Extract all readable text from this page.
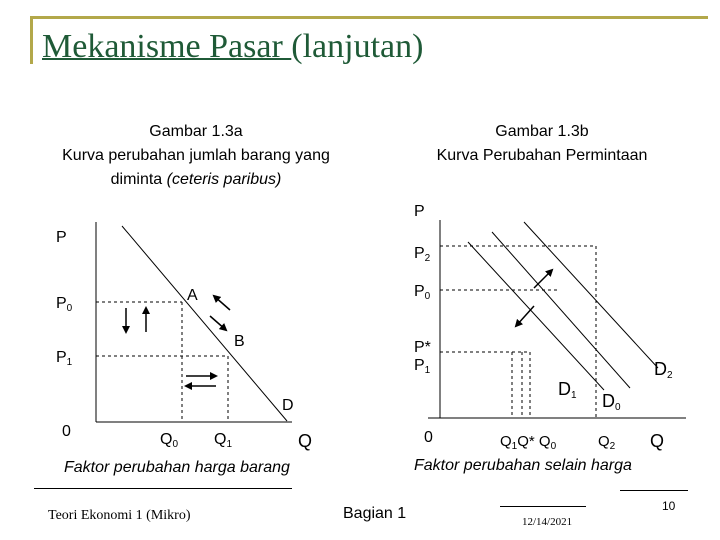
Mekanisme Pasar (lanjutan)
Gambar 1.3a
Kurva perubahan jumlah barang yang
diminta (ceteris paribus)
Gambar 1.3b
Kurva Perubahan Permintaan
P
$P_0$
$P_1$
0	$Q_0$ $Q_1$	Q
A
B
D
Faktor perubahan harga barang
P
$P_2$
$P_0$
P*
$P_1$
0	$Q_1Q*$ $Q_0$	$Q_2$ Q
$D_1$ $D_0$
$D_2$
Faktor perubahan selain harga
Teori Ekonomi 1 (Mikro)	Bagian 1	12/14/2021
10
